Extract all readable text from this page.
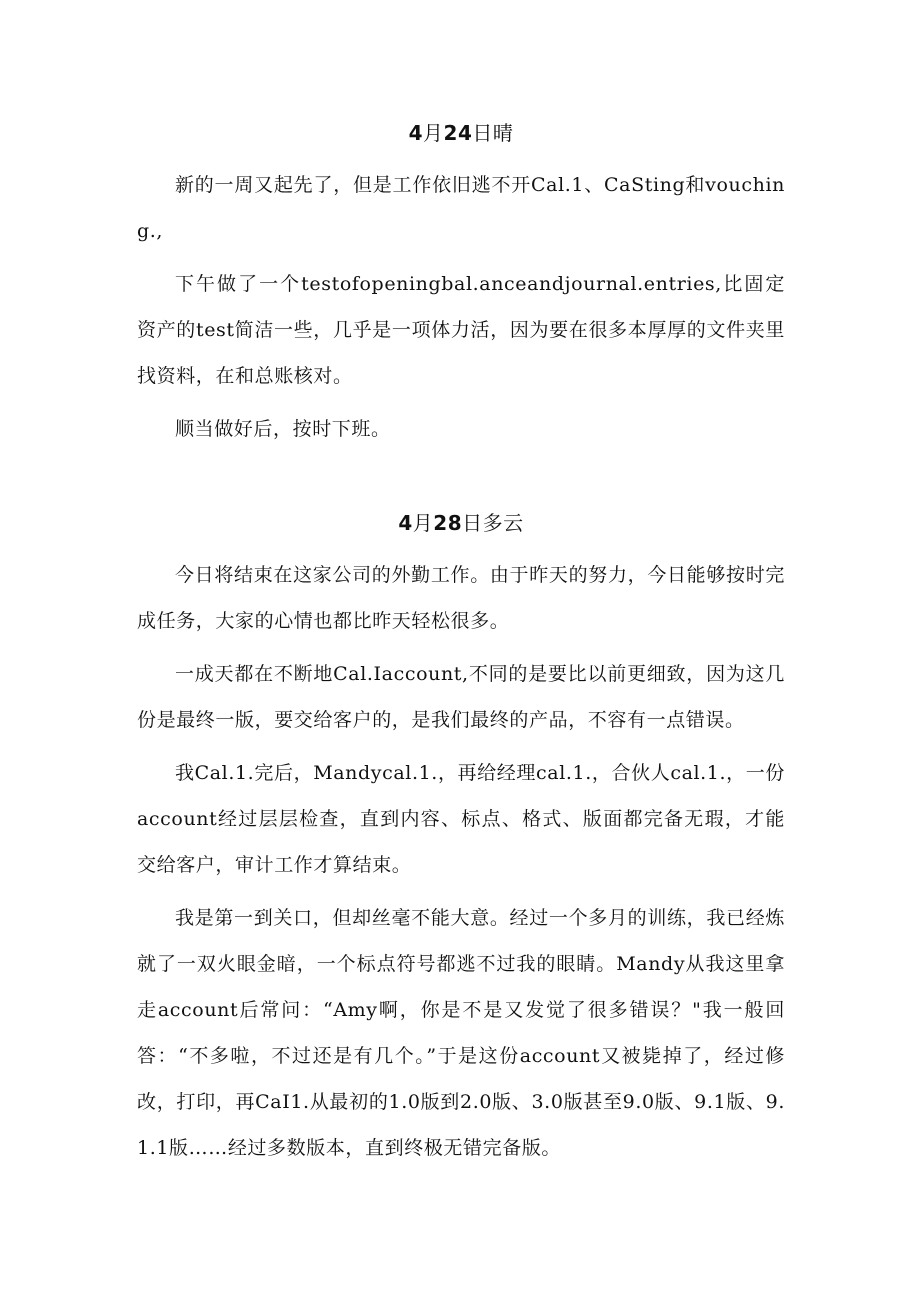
4月24日晴

新的一周又起先了，但是工作依旧逃不开Cal.1、CaSting和vouching.,

下午做了一个testofopeningbal.anceandjournal.entries,比固定资产的test简洁一些，几乎是一项体力活，因为要在很多本厚厚的文件夹里找资料，在和总账核对。

顺当做好后，按时下班。

4月28日多云

今日将结束在这家公司的外勤工作。由于昨天的努力，今日能够按时完成任务，大家的心情也都比昨天轻松很多。

一成天都在不断地Cal.Iaccount,不同的是要比以前更细致，因为这几份是最终一版，要交给客户的，是我们最终的产品，不容有一点错误。

我Cal.1.完后，Mandycal.1.，再给经理cal.1.，合伙人cal.1.，一份account经过层层检查，直到内容、标点、格式、版面都完备无瑕，才能交给客户，审计工作才算结束。

我是第一到关口，但却丝毫不能大意。经过一个多月的训练，我已经炼就了一双火眼金暗，一个标点符号都逃不过我的眼睛。Mandy从我这里拿走account后常问：“Amy啊，你是不是又发觉了很多错误？"我一般回答：“不多啦，不过还是有几个。”于是这份account又被毙掉了，经过修改，打印，再CaI1.从最初的1.0版到2.0版、3.0版甚至9.0版、9.1版、9.1.1版……经过多数版本，直到终极无错完备版。
